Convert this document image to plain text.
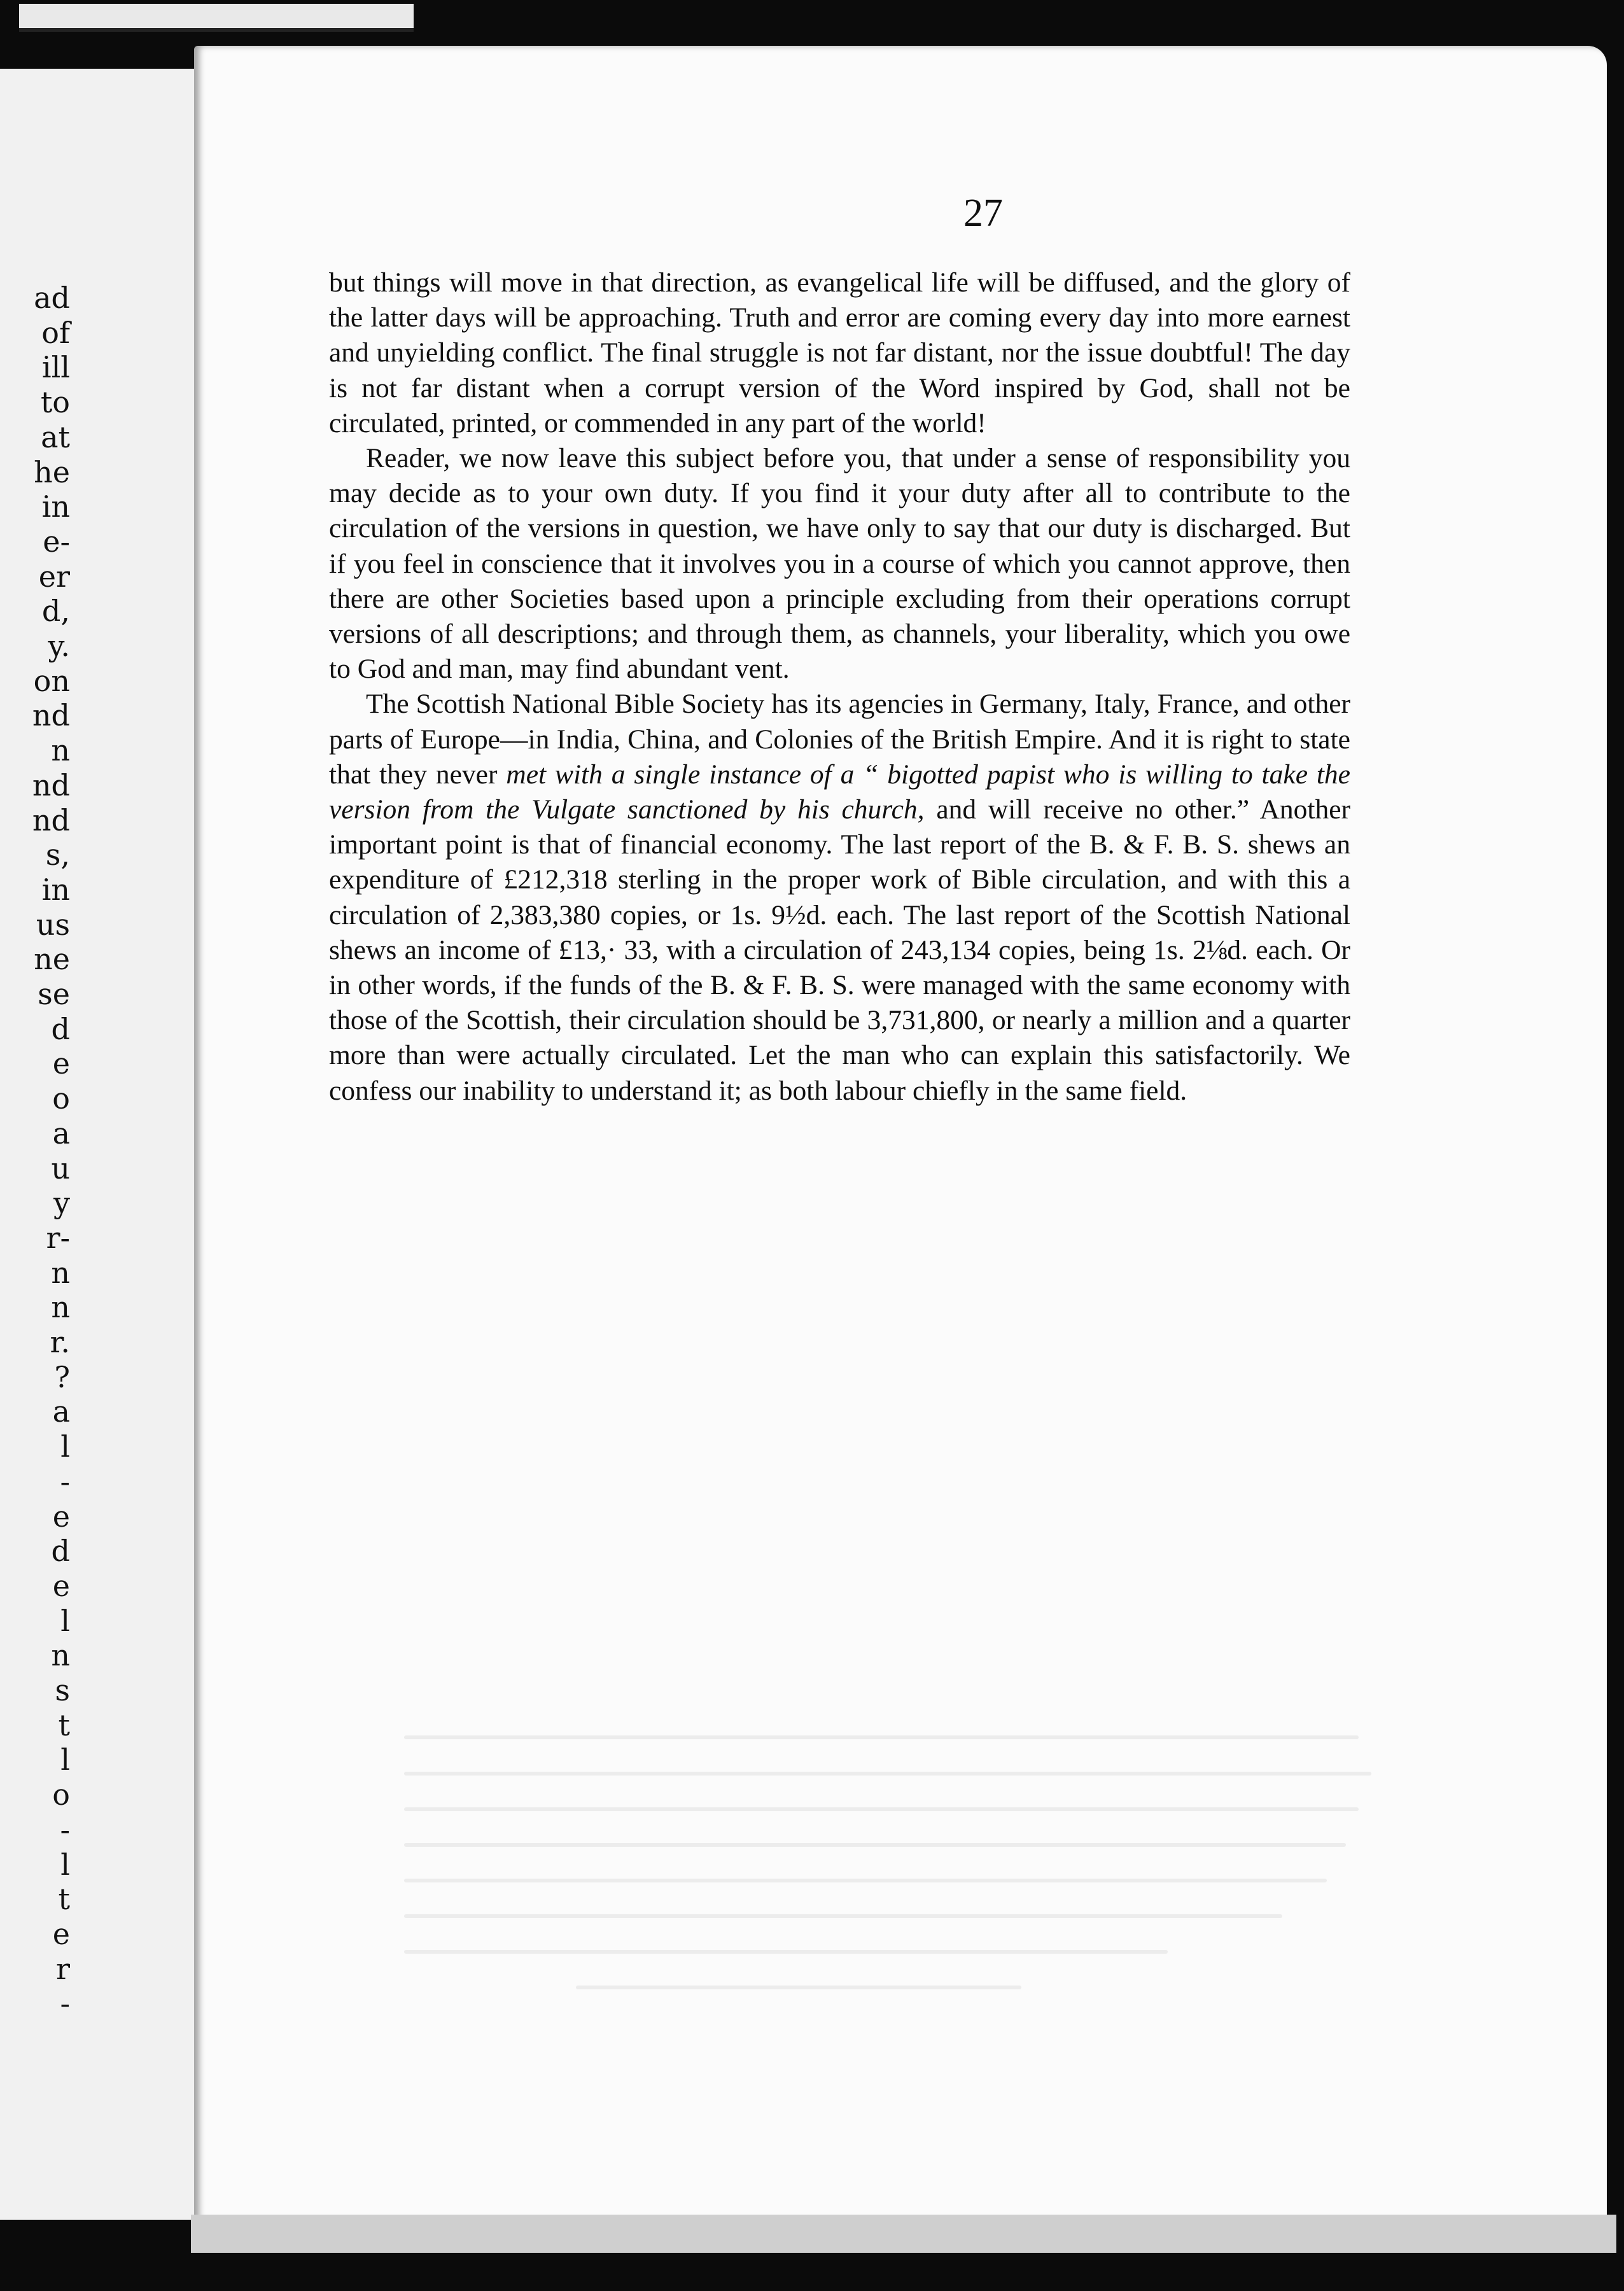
ad
of
ill
to
at
he
in
e-
er
d,
y.
on
nd
n
nd
nd
s,
in
us
ne
se
d
e
o
a
u
y
r-
n
n
r.
?
a
l
-
e
d
e
l
n
s
t
l
o
-
l
t
e
r
-
27

but things will move in that direction, as evangelical life will be diffused, and the glory of the latter days will be approaching. Truth and error are coming every day into more earnest and unyielding conflict. The final struggle is not far distant, nor the issue doubtful! The day is not far distant when a corrupt version of the Word inspired by God, shall not be circulated, printed, or commended in any part of the world!

Reader, we now leave this subject before you, that under a sense of responsibility you may decide as to your own duty. If you find it your duty after all to contribute to the circulation of the versions in question, we have only to say that our duty is discharged. But if you feel in conscience that it involves you in a course of which you cannot approve, then there are other Societies based upon a principle excluding from their operations corrupt versions of all descriptions; and through them, as channels, your liberality, which you owe to God and man, may find abundant vent.

The Scottish National Bible Society has its agencies in Germany, Italy, France, and other parts of Europe—in India, China, and Colonies of the British Empire. And it is right to state that they never met with a single instance of a “ bigotted papist who is willing to take the version from the Vulgate sanctioned by his church, and will receive no other.” Another important point is that of financial economy. The last report of the B. & F. B. S. shews an expenditure of £212,318 sterling in the proper work of Bible circulation, and with this a circulation of 2,383,380 copies, or 1s. 9½d. each. The last report of the Scottish National shews an income of £13,· 33, with a circulation of 243,134 copies, being 1s. 2⅛d. each. Or in other words, if the funds of the B. & F. B. S. were managed with the same economy with those of the Scottish, their circulation should be 3,731,800, or nearly a million and a quarter more than were actually circulated. Let the man who can explain this satisfactorily. We confess our inability to understand it; as both labour chiefly in the same field.
